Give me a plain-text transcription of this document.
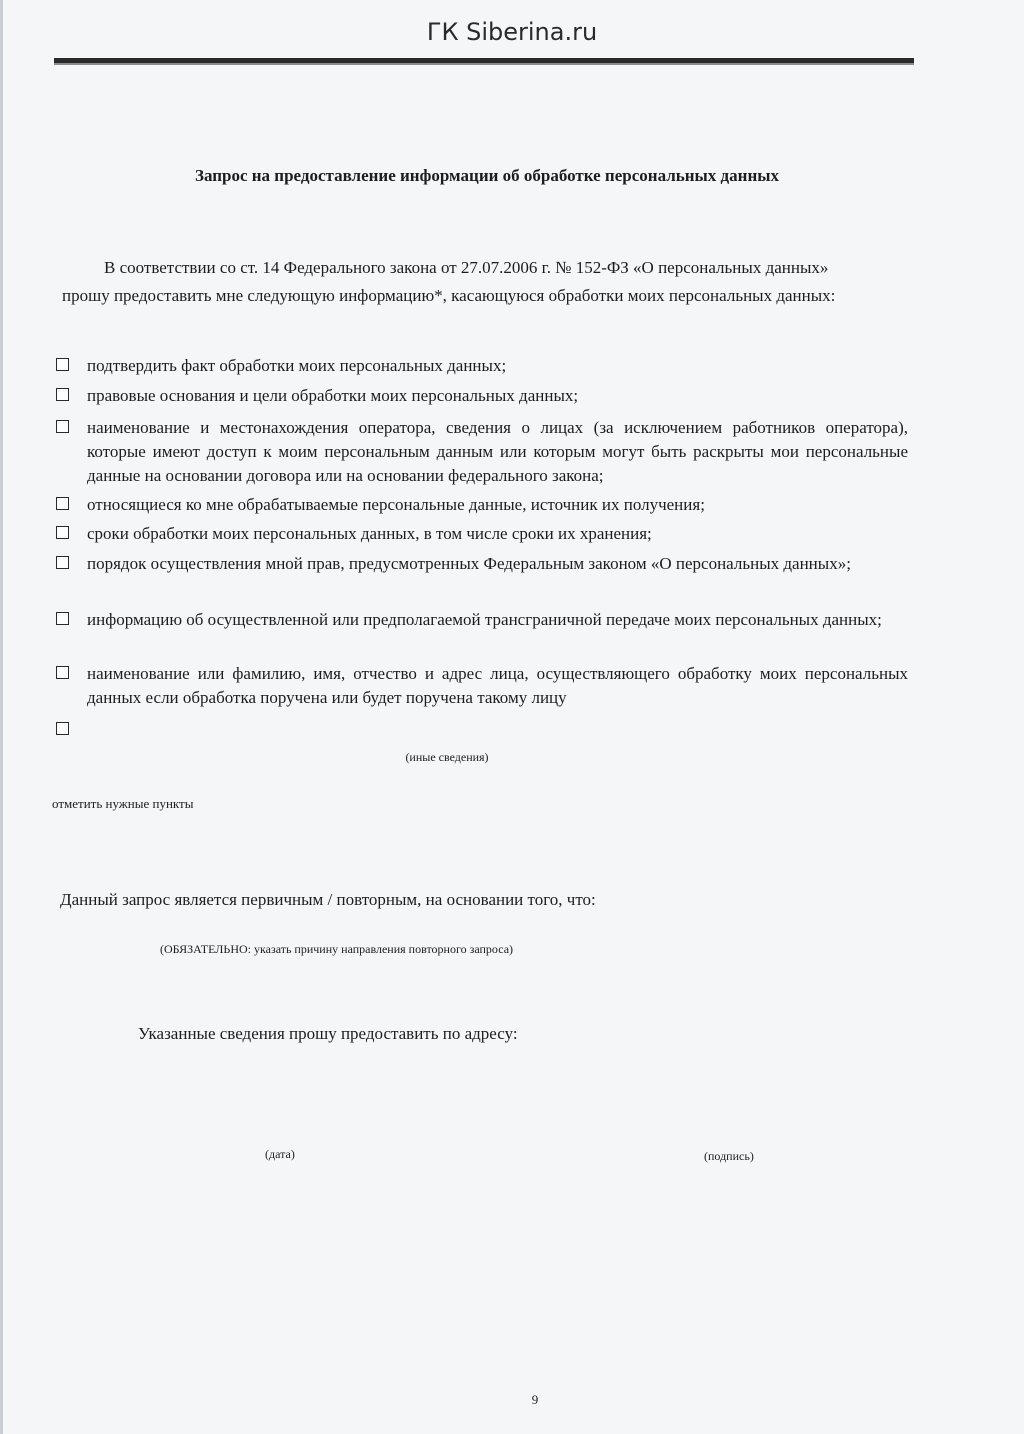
ГК Siberina.ru
Запрос на предоставление информации об обработке персональных данных
В соответствии со ст. 14 Федерального закона от 27.07.2006 г. № 152-ФЗ «О персональных данных» прошу предоставить мне следующую информацию*, касающуюся обработки моих персональных данных:
подтвердить факт обработки моих персональных данных;
правовые основания и цели обработки моих персональных данных;
наименование и местонахождения оператора, сведения о лицах (за исключением работников оператора), которые имеют доступ к моим персональным данным или которым могут быть раскрыты мои персональные данные на основании договора или на основании федерального закона;
относящиеся ко мне обрабатываемые персональные данные, источник их получения;
сроки обработки моих персональных данных, в том числе сроки их хранения;
порядок осуществления мной прав, предусмотренных Федеральным законом «О персональных данных»;
информацию об осуществленной или предполагаемой трансграничной передаче моих персональных данных;
наименование или фамилию, имя, отчество и адрес лица, осуществляющего обработку моих персональных данных если обработка поручена или будет поручена такому лицу
(иные сведения)
отметить нужные пункты
Данный запрос является первичным / повторным, на основании того, что:
(ОБЯЗАТЕЛЬНО: указать причину направления повторного запроса)
Указанные сведения прошу предоставить по адресу:
(дата)	(подпись)
9
